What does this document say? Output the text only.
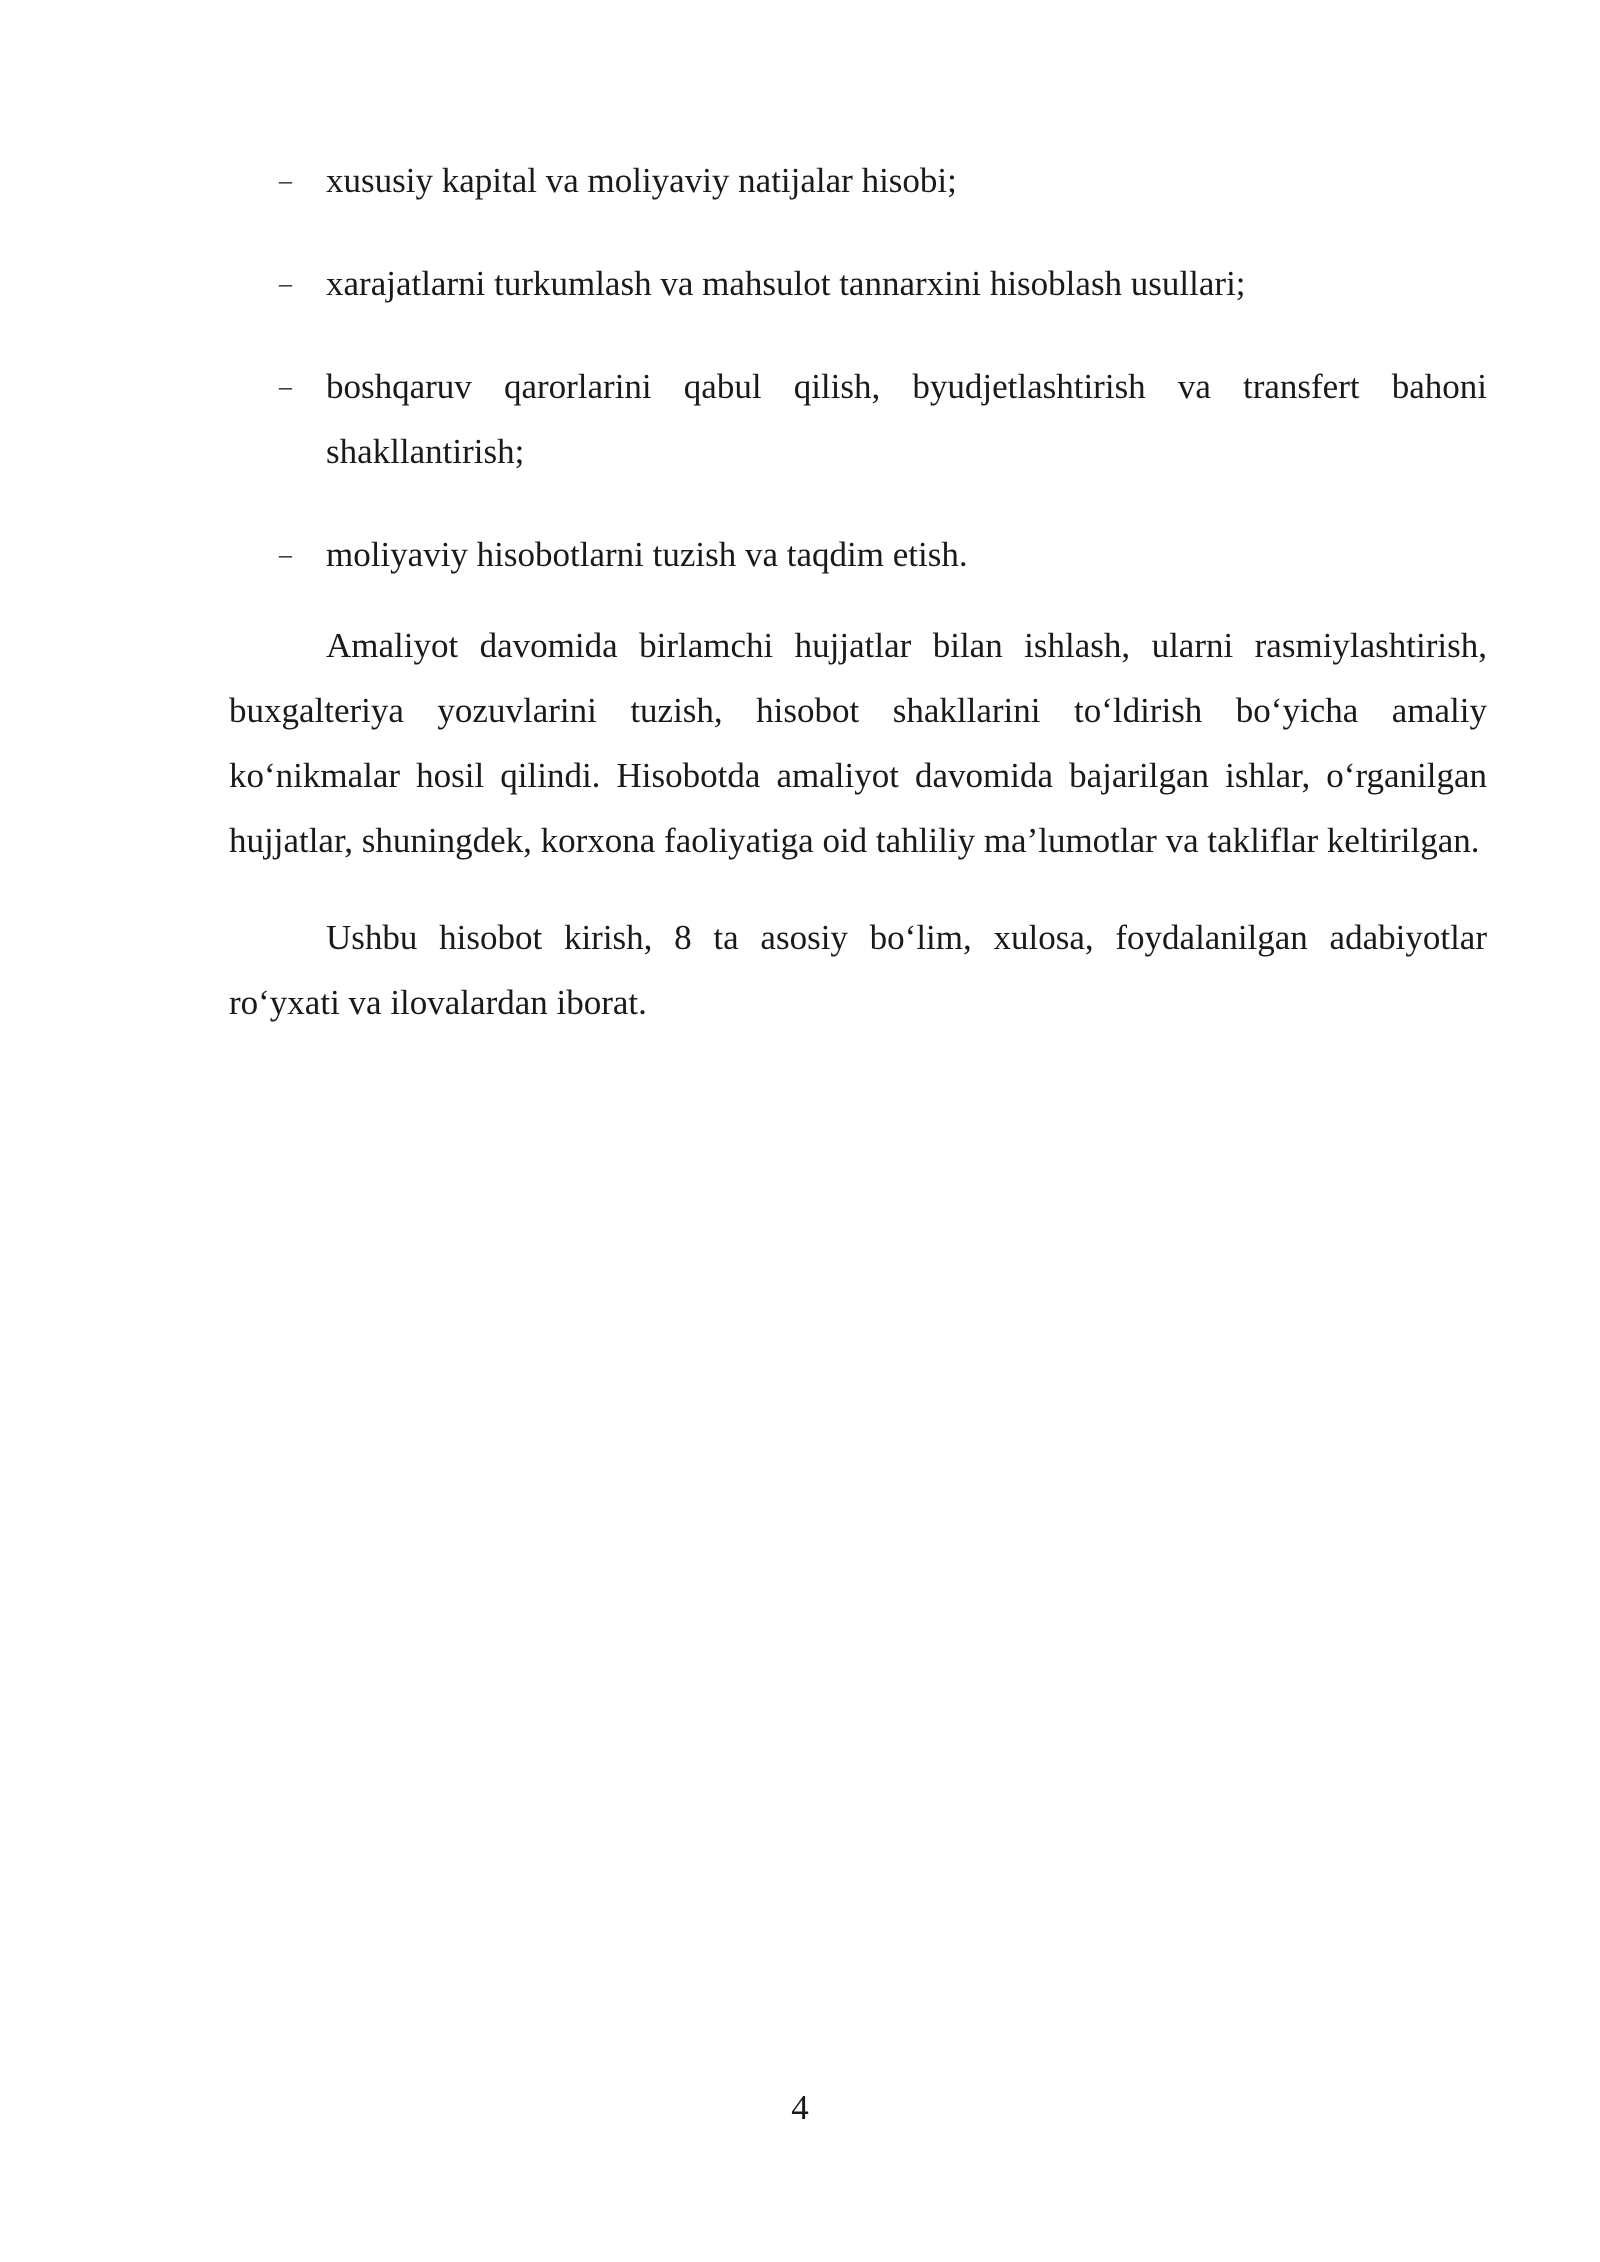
– xususiy kapital va moliyaviy natijalar hisobi;
– xarajatlarni turkumlash va mahsulot tannarxini hisoblash usullari;
– boshqaruv qarorlarini qabul qilish, byudjetlashtirish va transfert bahoni shakllantirish;
– moliyaviy hisobotlarni tuzish va taqdim etish.

Amaliyot davomida birlamchi hujjatlar bilan ishlash, ularni rasmiylashtirish, buxgalteriya yozuvlarini tuzish, hisobot shakllarini to‘ldirish bo‘yicha amaliy ko‘nikmalar hosil qilindi. Hisobotda amaliyot davomida bajarilgan ishlar, o‘rganilgan hujjatlar, shuningdek, korxona faoliyatiga oid tahliliy ma’lumotlar va takliflar keltirilgan.

Ushbu hisobot kirish, 8 ta asosiy bo‘lim, xulosa, foydalanilgan adabiyotlar ro‘yxati va ilovalardan iborat.

4
